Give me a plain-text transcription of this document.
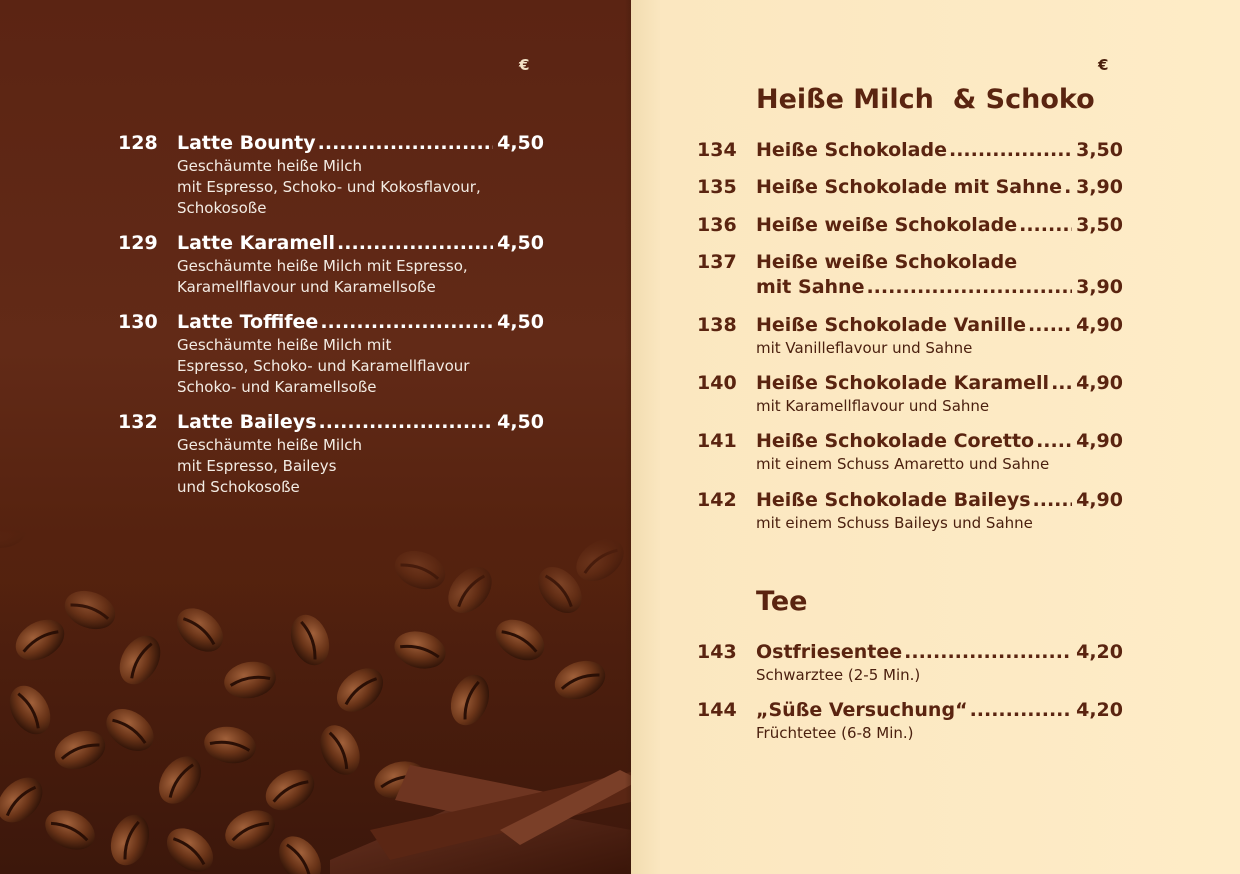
€
128	Latte Bounty .....	4,50
Geschäumte heiße Milch
mit Espresso, Schoko- und Kokosflavour,
Schokosoße
129	Latte Karamell .....	4,50
Geschäumte heiße Milch mit Espresso,
Karamellflavour und Karamellsoße
130	Latte Toffifee .....	4,50
Geschäumte heiße Milch mit
Espresso, Schoko- und Karamellflavour
Schoko- und Karamellsoße
132	Latte Baileys .....	4,50
Geschäumte heiße Milch
mit Espresso, Baileys
und Schokosoße
€
Heiße Milch  & Schoko
134	Heiße Schokolade .....	3,50
135	Heiße Schokolade mit Sahne ..... 3,90
136	Heiße weiße Schokolade .....	3,50
137	Heiße weiße Schokolade
mit Sahne .....	3,90
138	Heiße Schokolade Vanille .....	4,90
mit Vanilleflavour und Sahne
140	Heiße Schokolade Karamell ..... 4,90
mit Karamellflavour und Sahne
141	Heiße Schokolade Coretto ..... 4,90
mit einem Schuss Amaretto und Sahne
142	Heiße Schokolade Baileys ..... 4,90
mit einem Schuss Baileys und Sahne
Tee
143	Ostfriesentee .....	4,20
Schwarztee (2-5 Min.)
144	„Süße Versuchung“ .....	4,20
Früchtetee (6-8 Min.)
